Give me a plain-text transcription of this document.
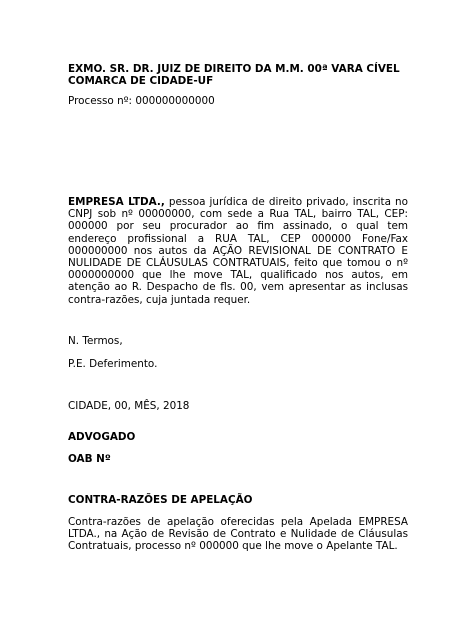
EXMO. SR. DR. JUIZ DE DIREITO DA M.M. 00ª VARA CÍVEL
COMARCA DE CIDADE-UF
Processo nº: 000000000000

EMPRESA LTDA., pessoa jurídica de direito privado, inscrita no CNPJ sob nº 00000000, com sede a Rua TAL, bairro TAL, CEP: 000000 por seu procurador ao fim assinado, o qual tem endereço profissional a RUA TAL, CEP 000000 Fone/Fax 000000000 nos autos da AÇÃO REVISIONAL DE CONTRATO E NULIDADE DE CLÁUSULAS CONTRATUAIS, feito que tomou o nº 0000000000 que lhe move TAL, qualificado nos autos, em atenção ao R. Despacho de fls. 00, vem apresentar as inclusas contra-razões, cuja juntada requer.

N. Termos,
P.E. Deferimento.
CIDADE, 00, MÊS, 2018
ADVOGADO
OAB Nº
CONTRA-RAZÕES DE APELAÇÃO

Contra-razões de apelação oferecidas pela Apelada EMPRESA LTDA., na Ação de Revisão de Contrato e Nulidade de Cláusulas Contratuais, processo nº 000000 que lhe move o Apelante TAL.
